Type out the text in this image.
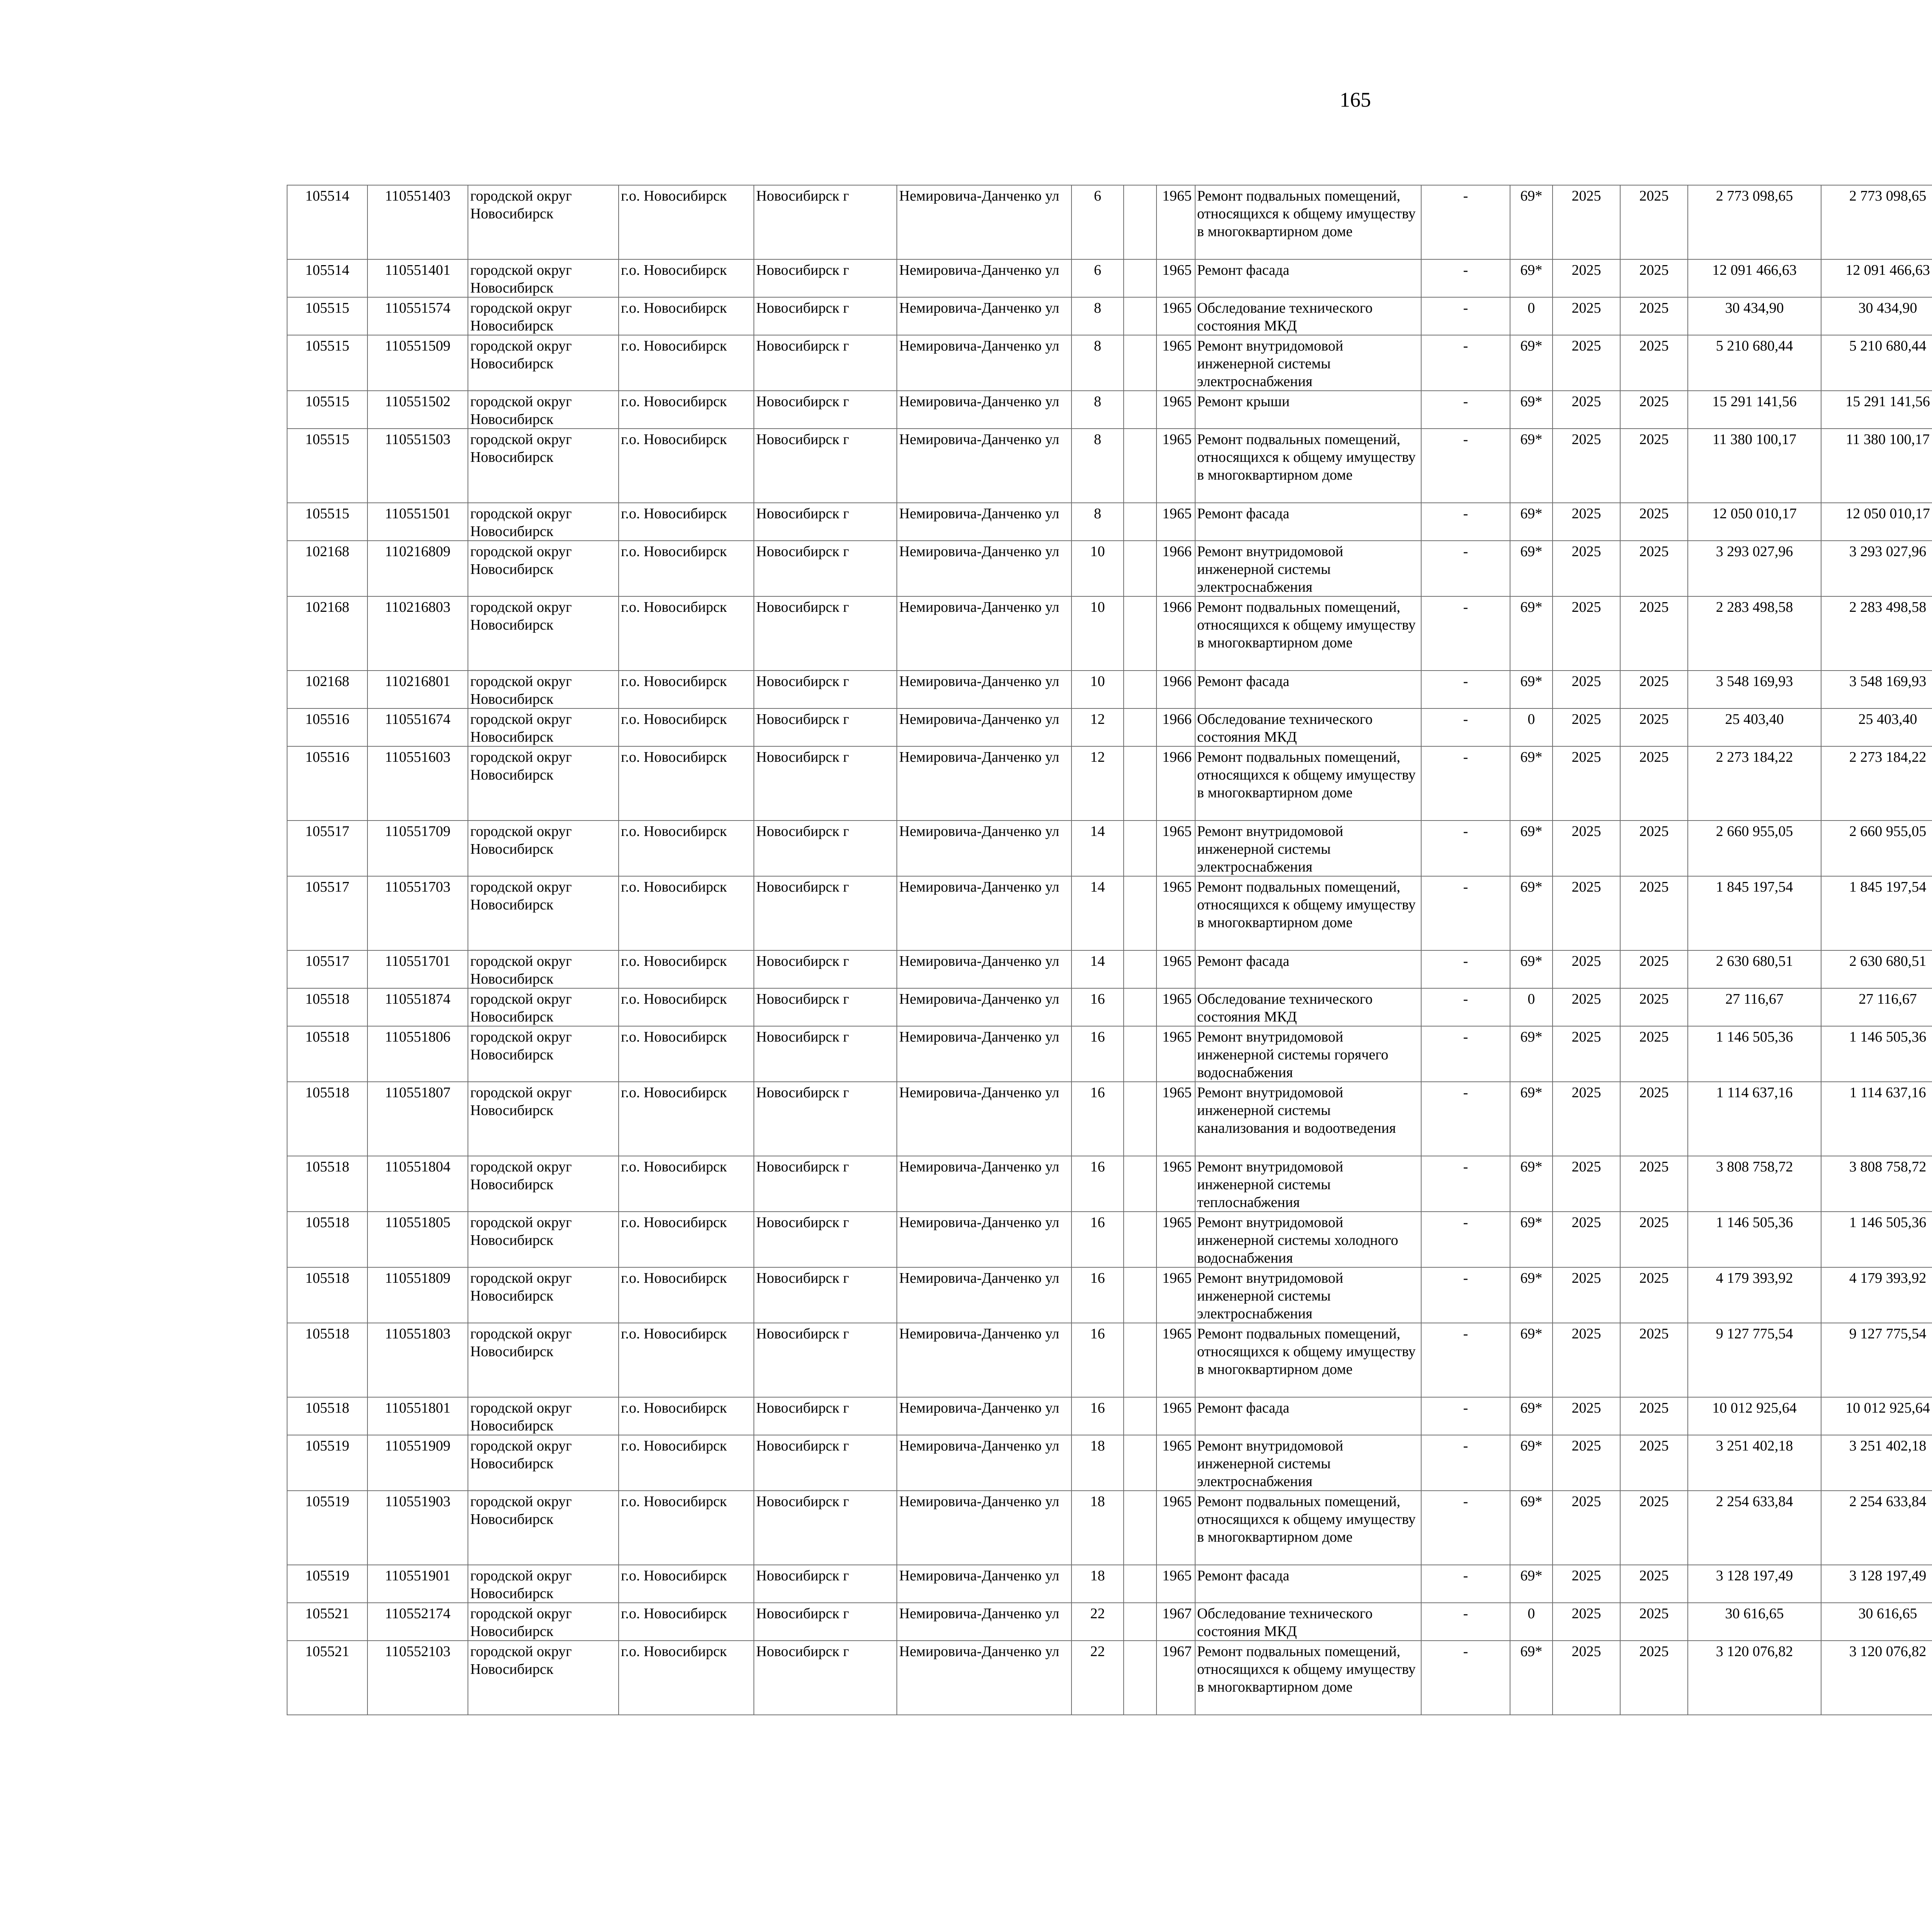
165
105514	110551403	городской округ Новосибирск	г.о. Новосибирск	Новосибирск г	Немировича-Данченко ул	6		1965	Ремонт подвальных помещений, относящихся к общему имуществу в многоквартирном доме	-	69*	2025	2025	2 773 098,65	2 773 098,65						
105514	110551401	городской округ Новосибирск	г.о. Новосибирск	Новосибирск г	Немировича-Данченко ул	6		1965	Ремонт фасада	-	69*	2025	2025	12 091 466,63	12 091 466,63						
105515	110551574	городской округ Новосибирск	г.о. Новосибирск	Новосибирск г	Немировича-Данченко ул	8		1965	Обследование технического состояния МКД	-	0	2025	2025	30 434,90	30 434,90						
105515	110551509	городской округ Новосибирск	г.о. Новосибирск	Новосибирск г	Немировича-Данченко ул	8		1965	Ремонт внутридомовой инженерной системы электроснабжения	-	69*	2025	2025	5 210 680,44	5 210 680,44						
105515	110551502	городской округ Новосибирск	г.о. Новосибирск	Новосибирск г	Немировича-Данченко ул	8		1965	Ремонт крыши	-	69*	2025	2025	15 291 141,56	15 291 141,56						
105515	110551503	городской округ Новосибирск	г.о. Новосибирск	Новосибирск г	Немировича-Данченко ул	8		1965	Ремонт подвальных помещений, относящихся к общему имуществу в многоквартирном доме	-	69*	2025	2025	11 380 100,17	11 380 100,17						
105515	110551501	городской округ Новосибирск	г.о. Новосибирск	Новосибирск г	Немировича-Данченко ул	8		1965	Ремонт фасада	-	69*	2025	2025	12 050 010,17	12 050 010,17						
102168	110216809	городской округ Новосибирск	г.о. Новосибирск	Новосибирск г	Немировича-Данченко ул	10		1966	Ремонт внутридомовой инженерной системы электроснабжения	-	69*	2025	2025	3 293 027,96	3 293 027,96						
102168	110216803	городской округ Новосибирск	г.о. Новосибирск	Новосибирск г	Немировича-Данченко ул	10		1966	Ремонт подвальных помещений, относящихся к общему имуществу в многоквартирном доме	-	69*	2025	2025	2 283 498,58	2 283 498,58						
102168	110216801	городской округ Новосибирск	г.о. Новосибирск	Новосибирск г	Немировича-Данченко ул	10		1966	Ремонт фасада	-	69*	2025	2025	3 548 169,93	3 548 169,93						
105516	110551674	городской округ Новосибирск	г.о. Новосибирск	Новосибирск г	Немировича-Данченко ул	12		1966	Обследование технического состояния МКД	-	0	2025	2025	25 403,40	25 403,40						
105516	110551603	городской округ Новосибирск	г.о. Новосибирск	Новосибирск г	Немировича-Данченко ул	12		1966	Ремонт подвальных помещений, относящихся к общему имуществу в многоквартирном доме	-	69*	2025	2025	2 273 184,22	2 273 184,22						
105517	110551709	городской округ Новосибирск	г.о. Новосибирск	Новосибирск г	Немировича-Данченко ул	14		1965	Ремонт внутридомовой инженерной системы электроснабжения	-	69*	2025	2025	2 660 955,05	2 660 955,05						
105517	110551703	городской округ Новосибирск	г.о. Новосибирск	Новосибирск г	Немировича-Данченко ул	14		1965	Ремонт подвальных помещений, относящихся к общему имуществу в многоквартирном доме	-	69*	2025	2025	1 845 197,54	1 845 197,54						
105517	110551701	городской округ Новосибирск	г.о. Новосибирск	Новосибирск г	Немировича-Данченко ул	14		1965	Ремонт фасада	-	69*	2025	2025	2 630 680,51	2 630 680,51						
105518	110551874	городской округ Новосибирск	г.о. Новосибирск	Новосибирск г	Немировича-Данченко ул	16		1965	Обследование технического состояния МКД	-	0	2025	2025	27 116,67	27 116,67						
105518	110551806	городской округ Новосибирск	г.о. Новосибирск	Новосибирск г	Немировича-Данченко ул	16		1965	Ремонт внутридомовой инженерной системы горячего водоснабжения	-	69*	2025	2025	1 146 505,36	1 146 505,36						
105518	110551807	городской округ Новосибирск	г.о. Новосибирск	Новосибирск г	Немировича-Данченко ул	16		1965	Ремонт внутридомовой инженерной системы канализования и водоотведения	-	69*	2025	2025	1 114 637,16	1 114 637,16						
105518	110551804	городской округ Новосибирск	г.о. Новосибирск	Новосибирск г	Немировича-Данченко ул	16		1965	Ремонт внутридомовой инженерной системы теплоснабжения	-	69*	2025	2025	3 808 758,72	3 808 758,72						
105518	110551805	городской округ Новосибирск	г.о. Новосибирск	Новосибирск г	Немировича-Данченко ул	16		1965	Ремонт внутридомовой инженерной системы холодного водоснабжения	-	69*	2025	2025	1 146 505,36	1 146 505,36						
105518	110551809	городской округ Новосибирск	г.о. Новосибирск	Новосибирск г	Немировича-Данченко ул	16		1965	Ремонт внутридомовой инженерной системы электроснабжения	-	69*	2025	2025	4 179 393,92	4 179 393,92						
105518	110551803	городской округ Новосибирск	г.о. Новосибирск	Новосибирск г	Немировича-Данченко ул	16		1965	Ремонт подвальных помещений, относящихся к общему имуществу в многоквартирном доме	-	69*	2025	2025	9 127 775,54	9 127 775,54						
105518	110551801	городской округ Новосибирск	г.о. Новосибирск	Новосибирск г	Немировича-Данченко ул	16		1965	Ремонт фасада	-	69*	2025	2025	10 012 925,64	10 012 925,64						
105519	110551909	городской округ Новосибирск	г.о. Новосибирск	Новосибирск г	Немировича-Данченко ул	18		1965	Ремонт внутридомовой инженерной системы электроснабжения	-	69*	2025	2025	3 251 402,18	3 251 402,18						
105519	110551903	городской округ Новосибирск	г.о. Новосибирск	Новосибирск г	Немировича-Данченко ул	18		1965	Ремонт подвальных помещений, относящихся к общему имуществу в многоквартирном доме	-	69*	2025	2025	2 254 633,84	2 254 633,84						
105519	110551901	городской округ Новосибирск	г.о. Новосибирск	Новосибирск г	Немировича-Данченко ул	18		1965	Ремонт фасада	-	69*	2025	2025	3 128 197,49	3 128 197,49						
105521	110552174	городской округ Новосибирск	г.о. Новосибирск	Новосибирск г	Немировича-Данченко ул	22		1967	Обследование технического состояния МКД	-	0	2025	2025	30 616,65	30 616,65						
105521	110552103	городской округ Новосибирск	г.о. Новосибирск	Новосибирск г	Немировича-Данченко ул	22		1967	Ремонт подвальных помещений, относящихся к общему имуществу в многоквартирном доме	-	69*	2025	2025	3 120 076,82	3 120 076,82						
